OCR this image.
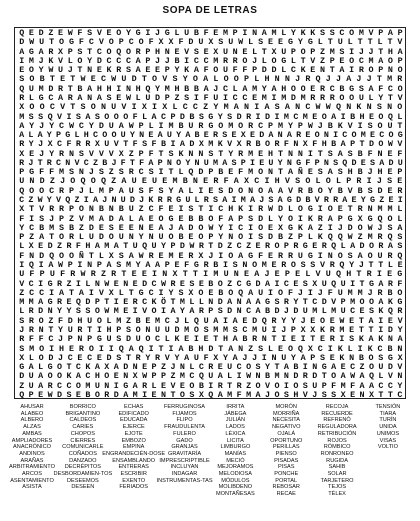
SOPA DE LETRAS
Q E D Z E W F S V E O Y G I J G L U B F E M P I N A M L Y K K S S C O M V P A P
D W U T O G F C V O P C O F X X F D U X S U W L S E E G Y G L T U L T T L T V
A G A R X P S T C O Q O R P H N E V S E X U N E L T X U P O P Z M S I J J T H A
I M J K V L O Y D C C C A P J J B I C C M R R O J L O G L T V Z P E O C M A O P
E O Y W U J T N E K R S A E E P Y K A F O U F F P D D L C K E N T A I R O P N O
S O B T E T W E C W U D T O V S Y O A L O O P L H N N J R Q J J A J J T M R
Q U M D R T B A H H I N H Q Y M H B B A J C L A M Y A H O O E R C B G S A F C O
R L G C A R A N A S E W L U D P Z S I F U I C C E M I M D M R R R O O U L Y T V
X O O C V T S O N U V I X I X L C C Z Y M A N I A S A N C W W Q N K N S N O
M S S Q V I S A S O O O F L A C P D B S G Y S D R I D I M C M E O A I B H E O Q L
A Y J Y C W C Y D U A W P L I M B U R G O M O R C P M Y P W J B K V I S O U T
A L A Y P G L H C O O U Y N E A U Y A B E R S E X E D A N A R E O N I C O M E C O G
R Y J X C F R R X U V T F S F B I A D X M K V X R B O R F N X F H B A P T D O W V
X E J Y R N S V V V X Z P F T S K N N S T Y R M E H T N N I T S A S B F N E F
R J T R C N V C Z B J F T F A P N O Y N U M A S P I E U Y N G F P N S Q D E S A D U
P G F F M S N J S Z S R C S I T L Q D P B E F M O N T A Ñ E S A S H B J H E P
U N D Z J O Q O Q Z A U E U E M B N E R F A X C I H V S O L O L P R I J S E
Q O O C R P J L M P A U S F S Y A L I E S D O N O A A V R B O Y B V B S D E R
C Z W Y V Q Z I A J N U D J K R R G U L R S A I M A J S A G D B V R R A E Y G Z E I
X T V R R P O N B N B U Z C F E I S T I C H K I R W D L O G I O E T R N M M L
F I S J P Z V M A D A L A E O G E B B O F A P S D L Y O I K R A P G X G Q O L
Y C B M S B Z D E S E E N E A J A D O W Y I C I O E X G K A Z I J D O W J S A
P Z A T O R L U D O U N Y N U O B E O P Y N O I S D B Z P L K Q Q W Z M R Q S
L X E D Z R F H A M A T U Q U Y P D W R T D Z C Z E R O P R G E R Q L A D O R A S
F N D Q O O Ñ T L X S A W R E M E R X J I O A G F E R R U G I N O S A O U R Q
I Q I A W P I N P A S M Y A A P E F G R B I S N O M E R O S S V R Q Y J T T L E
U F P U F R W R Z R T E E I N X T T I M U N E A J E P E L V U Q H T R I E G
V C I G R Z I L N W E N E D C W R E S E B O Z C G D A I C E S X U Q U I T G A R F
Z C C I A T A I V X L T G C I Y S X O E B O Q A U I O F J I J F U M M J R B O
M M A G R E Q D P T I E R C K Ö T M L L N D A N A A G S R Y T C D V P M O O A K G
L R D N Y Y S S O W M E I V O I A Y A R P S D N C A B D J D U M L M U C E S K Q R
S R O Z F D H U O L M Z B E M C J L Q U A I A E D Q R Y Y J E O E W E T A I E V
J R N T Y U R T I H P S O N U U D M O S M M S C M U I J P X X K R M E T T I D Y
R F F C J P N P G U S D U O C L K E I E T H A B R N T I E I T E R I S K A K N A
S M O I H E R O I I Q A Q I T I A B H D T A N Z S L E O Q X C I K L I K C B N
X L O D J C E C E D S T R Y R V Y A U F X Y A J J I N U Y A P S E K N B O S G X
G A L G O T C K A X A D N E P Z J N L C R E U C O S Y T A B I N G A E C Z O U D V
D U A O O K A C H O E N X W P P Z M C Q U A L I W N B M N D R D T O A W A Q L V N
Z U A R C C O M U N I G A R L E V E O B I R T R Z O V O I O S U P F M F A A C C Y
Q P E W D S E B O R D A M I E N T O S X Q A M F M A J O S H V J S S X E N X T T C
AHUSAR
ALABEO
ALBERO
ALZAS
AMBAS
AMPLIADORES
ANACRÓNICO
ANDINOS
ARAÑAS
ARBITRAMIENTO
ARCOS
ASENTAMIENTO
ASISTA
BORRICO
BRIGANTINO
CALDEOS
CARIES
CHOPOS
CIERRES
COMUNICARLE
COÑADOS
DANZADO
DECRÉPITOS
DESBORDAMIEN-TOS
DESEEMOS
DESEEN
ECHAS
EDIFICADO
EDUCADA
EJERCE
EJOTE
EMBOZO
EMPINA
ENGRANDECIÉN-DOSE
ENSAMBLANDO
ENTRERAS
ESCRIBIR
EXENTO
FERIADOS
FERRUGINOSA
FIJAMOS
FLIPO
FRAUDULENTA
FULERO
GADO
GRANJAS
GRAVITARÍA
IMPRESCRIPTIBLE
INCLUYAN
INDAGAR
INSTRUMENTAS-TAS
IRRITA
JÁBEGA
JULIÁN
LADOS
LÉXICA
LICITA
LIMBURGO
MANÍAS
MECIÓ
MEJORAMOS
MELODIOSA
MÓDULOS
MOLIBDENO
MONTAÑESAS
MORÓN
MORRIÑA
NECESITA
NEGATIVO
OJALÁ
OPORTUNO
PERILLAS
PIENSO
PISADAS
PISAS
PONCHE
PORTAL
REBOSAR
RECAE
RECOJA
RECUERDE
REFRENÓ
REGULADORA
RETRIBUCIÓN
ROJOS
RÓMBICO
RONRONEO
RUGIDA
SAHIB
SOLAR
TARJETERO
TEJOS
TÉLEX
TENSIÓN
TIARA
TURÍN
UNIDA
UNIMOS
VISAS
VOLTIO
